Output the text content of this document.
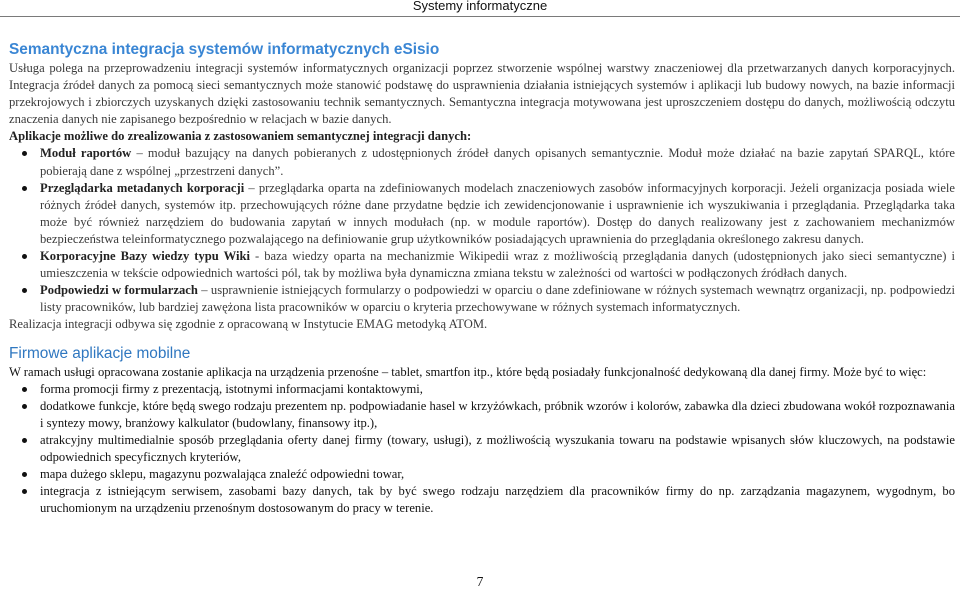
Systemy informatyczne
Semantyczna integracja systemów informatycznych eSisio

Usługa polega na przeprowadzeniu integracji systemów informatycznych organizacji poprzez stworzenie wspólnej warstwy znaczeniowej dla przetwarzanych danych korporacyjnych. Integracja źródeł danych za pomocą sieci semantycznych może stanowić podstawę do usprawnienia działania istniejących systemów i aplikacji lub budowy nowych, na bazie informacji przekrojowych i zbiorczych uzyskanych dzięki zastosowaniu technik semantycznych. Semantyczna integracja motywowana jest uproszczeniem dostępu do danych, możliwością odczytu znaczenia danych nie zapisanego bezpośrednio w relacjach w bazie danych.

Aplikacje możliwe do zrealizowania z zastosowaniem semantycznej integracji danych:

Moduł raportów – moduł bazujący na danych pobieranych z udostępnionych źródeł danych opisanych semantycznie. Moduł może działać na bazie zapytań SPARQL, które pobierają dane z wspólnej „przestrzeni danych”.
Przeglądarka metadanych korporacji – przeglądarka oparta na zdefiniowanych modelach znaczeniowych zasobów informacyjnych korporacji. Jeżeli organizacja posiada wiele różnych źródeł danych, systemów itp. przechowujących różne dane przydatne będzie ich zewidencjonowanie i usprawnienie ich wyszukiwania i przeglądania. Przeglądarka taka może być również narzędziem do budowania zapytań w innych modułach (np. w module raportów). Dostęp do danych realizowany jest z zachowaniem mechanizmów bezpieczeństwa teleinformatycznego pozwalającego na definiowanie grup użytkowników posiadających uprawnienia do przeglądania określonego zakresu danych.
Korporacyjne Bazy wiedzy typu Wiki - baza wiedzy oparta na mechanizmie Wikipedii wraz z możliwością przeglądania danych (udostępnionych jako sieci semantyczne) i umieszczenia w tekście odpowiednich wartości pól, tak by możliwa była dynamiczna zmiana tekstu w zależności od wartości w podłączonych źródłach danych.
Podpowiedzi w formularzach – usprawnienie istniejących formularzy o podpowiedzi w oparciu o dane zdefiniowane w różnych systemach wewnątrz organizacji, np. podpowiedzi listy pracowników, lub bardziej zawężona lista pracowników w oparciu o kryteria przechowywane w różnych systemach informatycznych.

Realizacja integracji odbywa się zgodnie z opracowaną w Instytucie EMAG metodyką ATOM.

Firmowe aplikacje mobilne

W ramach usługi opracowana zostanie aplikacja na urządzenia przenośne – tablet, smartfon itp., które będą posiadały funkcjonalność dedykowaną dla danej firmy. Może być to więc:

forma promocji firmy z prezentacją, istotnymi informacjami kontaktowymi,
dodatkowe funkcje, które będą swego rodzaju prezentem np. podpowiadanie hasel w krzyżówkach, próbnik wzorów i kolorów, zabawka dla dzieci zbudowana wokół rozpoznawania i syntezy mowy, branżowy kalkulator (budowlany, finansowy itp.),
atrakcyjny multimedialnie sposób przeglądania oferty danej firmy (towary, usługi), z możliwością wyszukania towaru na podstawie wpisanych słów kluczowych, na podstawie odpowiednich specyficznych kryteriów,
mapa dużego sklepu, magazynu pozwalająca znaleźć odpowiedni towar,
integracja z istniejącym serwisem, zasobami bazy danych, tak by być swego rodzaju narzędziem dla pracowników firmy do np. zarządzania magazynem, wygodnym, bo uruchomionym na urządzeniu przenośnym dostosowanym do pracy w terenie.
7
